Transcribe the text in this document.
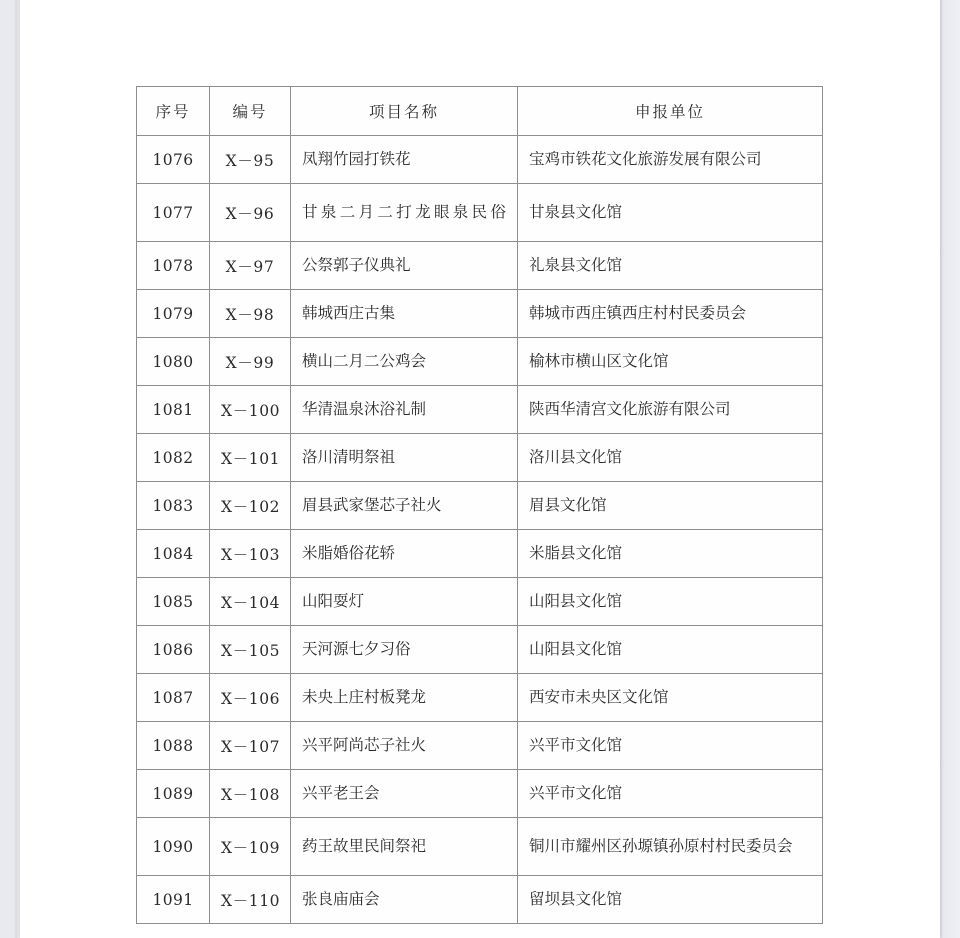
序号	编号	项目名称	申报单位
1076	Ⅹ－95	凤翔竹园打铁花	宝鸡市铁花文化旅游发展有限公司
1077	Ⅹ－96	甘泉二月二打龙眼泉民俗	甘泉县文化馆
1078	Ⅹ－97	公祭郭子仪典礼	礼泉县文化馆
1079	Ⅹ－98	韩城西庄古集	韩城市西庄镇西庄村村民委员会
1080	Ⅹ－99	横山二月二公鸡会	榆林市横山区文化馆
1081	Ⅹ－100	华清温泉沐浴礼制	陕西华清宫文化旅游有限公司
1082	Ⅹ－101	洛川清明祭祖	洛川县文化馆
1083	Ⅹ－102	眉县武家堡芯子社火	眉县文化馆
1084	Ⅹ－103	米脂婚俗花轿	米脂县文化馆
1085	Ⅹ－104	山阳耍灯	山阳县文化馆
1086	Ⅹ－105	天河源七夕习俗	山阳县文化馆
1087	Ⅹ－106	未央上庄村板凳龙	西安市未央区文化馆
1088	Ⅹ－107	兴平阿尚芯子社火	兴平市文化馆
1089	Ⅹ－108	兴平老王会	兴平市文化馆
1090	Ⅹ－109	药王故里民间祭祀	铜川市耀州区孙塬镇孙原村村民委员会
1091	Ⅹ－110	张良庙庙会	留坝县文化馆
